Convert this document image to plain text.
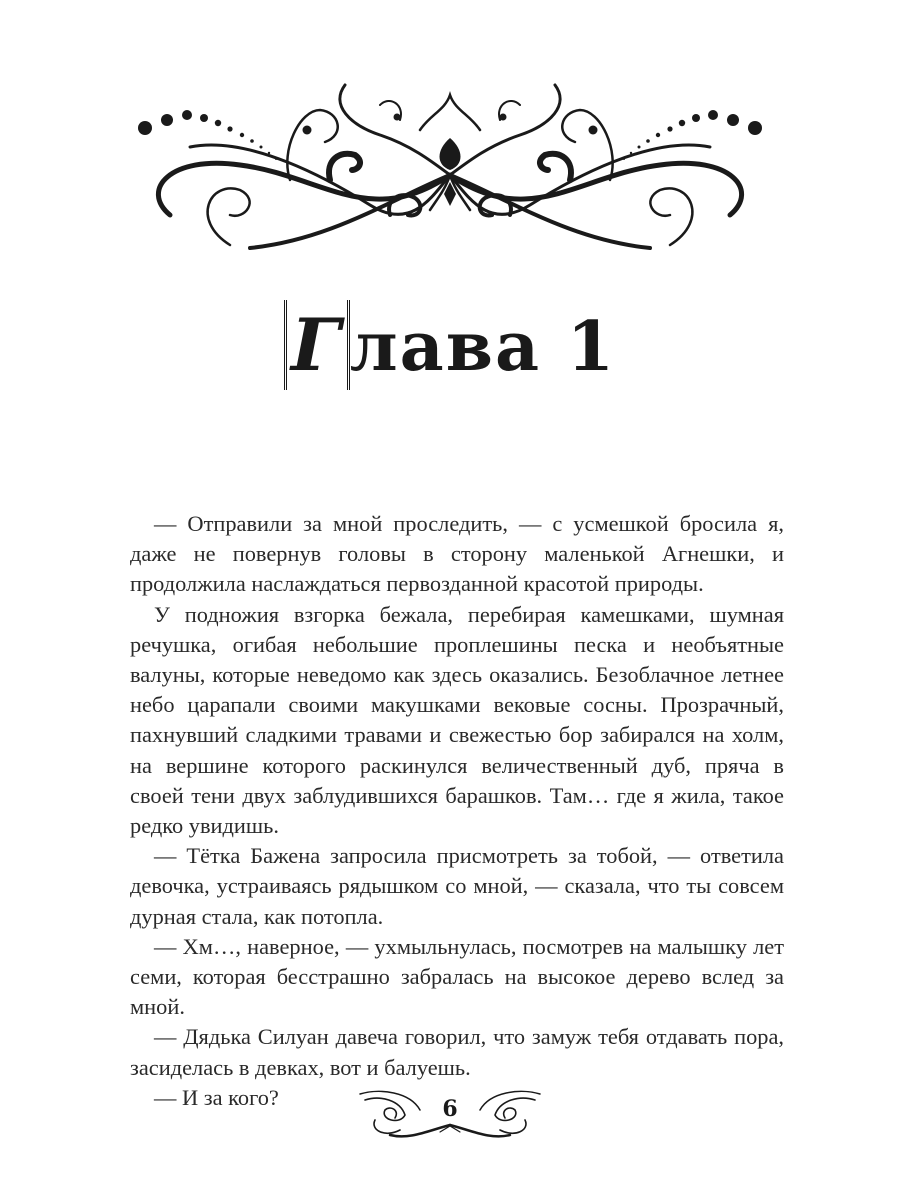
Г лава 1

— Отправили за мной проследить, — с усмешкой бросила я, даже не повернув головы в сторону маленькой Агнешки, и продолжила наслаждаться первозданной красотой природы.

У подножия взгорка бежала, перебирая камешками, шумная речушка, огибая небольшие проплешины песка и необъятные валуны, которые неведомо как здесь оказались. Безоблачное летнее небо царапали своими макушками вековые сосны. Прозрачный, пахнувший сладкими травами и свежестью бор забирался на холм, на вершине которого раскинулся величественный дуб, пряча в своей тени двух заблудившихся барашков. Там… где я жила, такое редко увидишь.

— Тётка Бажена запросила присмотреть за тобой, — ответила девочка, устраиваясь рядышком со мной, — сказала, что ты совсем дурная стала, как потопла.

— Хм…, наверное, — ухмыльнулась, посмотрев на малышку лет семи, которая бесстрашно забралась на высокое дерево вслед за мной.

— Дядька Силуан давеча говорил, что замуж тебя отдавать пора, засиделась в девках, вот и балуешь.

— И за кого?	6
